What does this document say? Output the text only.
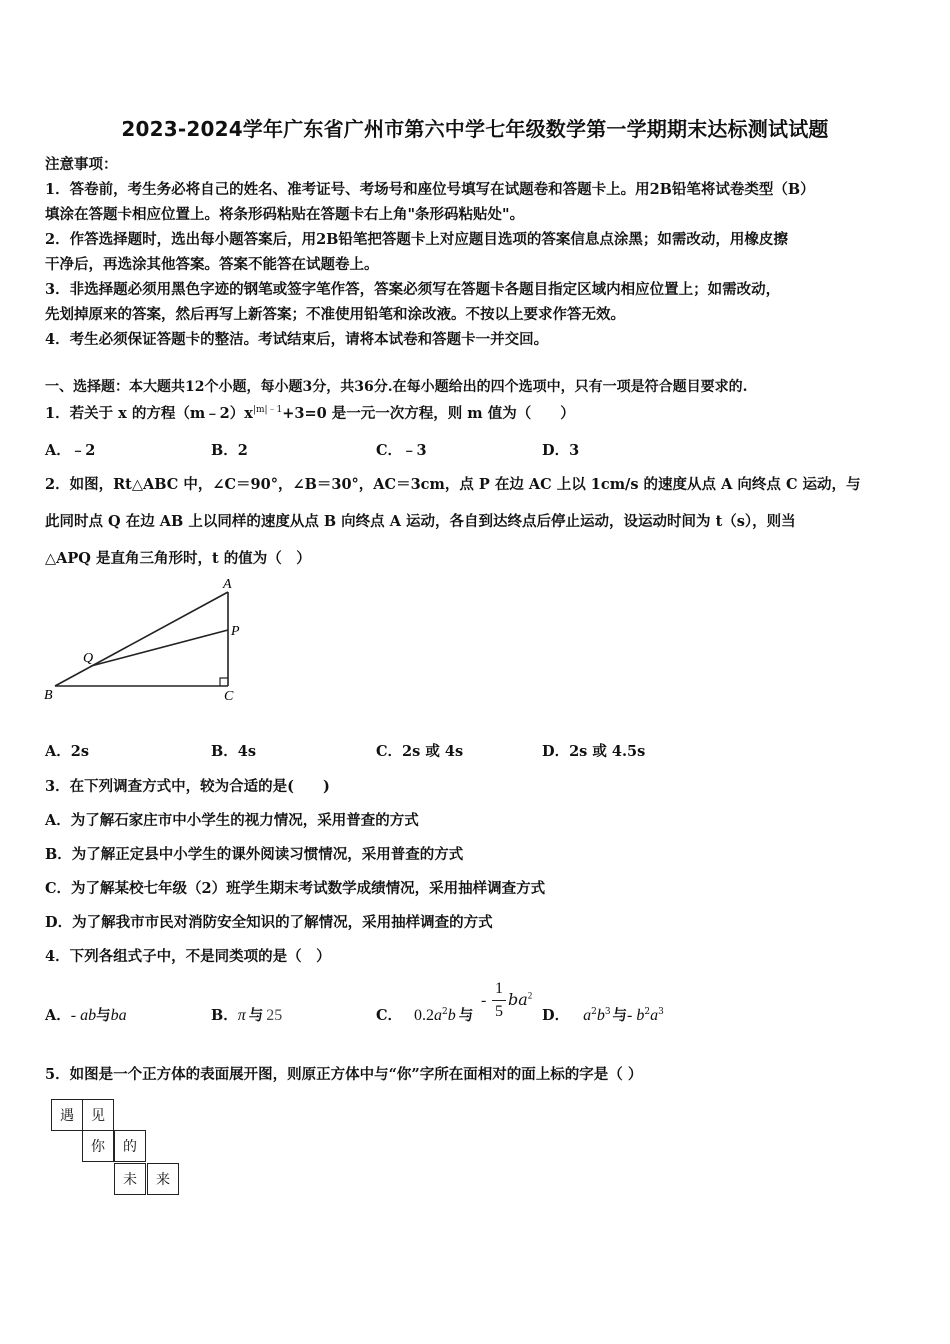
2023-2024学年广东省广州市第六中学七年级数学第一学期期末达标测试试题
注意事项：
1．答卷前，考生务必将自己的姓名、准考证号、考场号和座位号填写在试题卷和答题卡上。用2B铅笔将试卷类型（B）
填涂在答题卡相应位置上。将条形码粘贴在答题卡右上角"条形码粘贴处"。
2．作答选择题时，选出每小题答案后，用2B铅笔把答题卡上对应题目选项的答案信息点涂黑；如需改动，用橡皮擦
干净后，再选涂其他答案。答案不能答在试题卷上。
3．非选择题必须用黑色字迹的钢笔或签字笔作答，答案必须写在答题卡各题目指定区域内相应位置上；如需改动，
先划掉原来的答案，然后再写上新答案；不准使用铅笔和涂改液。不按以上要求作答无效。
4．考生必须保证答题卡的整洁。考试结束后，请将本试卷和答题卡一并交回。
一、选择题：本大题共12个小题，每小题3分，共36分.在每小题给出的四个选项中，只有一项是符合题目要求的.
1．若关于 x 的方程$(m﹣2)x^{|m|﹣1}+3=0$ 是一元一次方程，则 m 值为（　　）
A．﹣2	B．2	C．﹣3	D．3
2．如图，Rt△ABC 中，∠C＝90°，∠B＝30°，AC＝3cm，点 P 在边 AC 上以 1cm/s 的速度从点 A 向终点 C 运动，与
此同时点 Q 在边 AB 上以同样的速度从点 B 向终点 A 运动，各自到达终点后停止运动，设运动时间为 t（s），则当
△APQ 是直角三角形时，t 的值为（　）
A
P
Q
B	C
A．2s	B．4s	C．2s 或 4s	D．2s 或 4.5s
3．在下列调查方式中，较为合适的是(　　)
A．为了解石家庄市中小学生的视力情况，采用普查的方式
B．为了解正定县中小学生的课外阅读习惯情况，采用普查的方式
C．为了解某校七年级（2）班学生期末考试数学成绩情况，采用抽样调查方式
D．为了解我市市民对消防安全知识的了解情况，采用抽样调查的方式
4．下列各组式子中，不是同类项的是（　）
A．- ab与ba	B．π 与 25	C． $0.2a^2b$ 与
-
1
5
$ba^2$
D． $a^2b^3$ 与- $b^2a^3$
5．如图是一个正方体的表面展开图，则原正方体中与“你”字所在面相对的面上标的字是（ ）
遇	见
你	的
未	来
